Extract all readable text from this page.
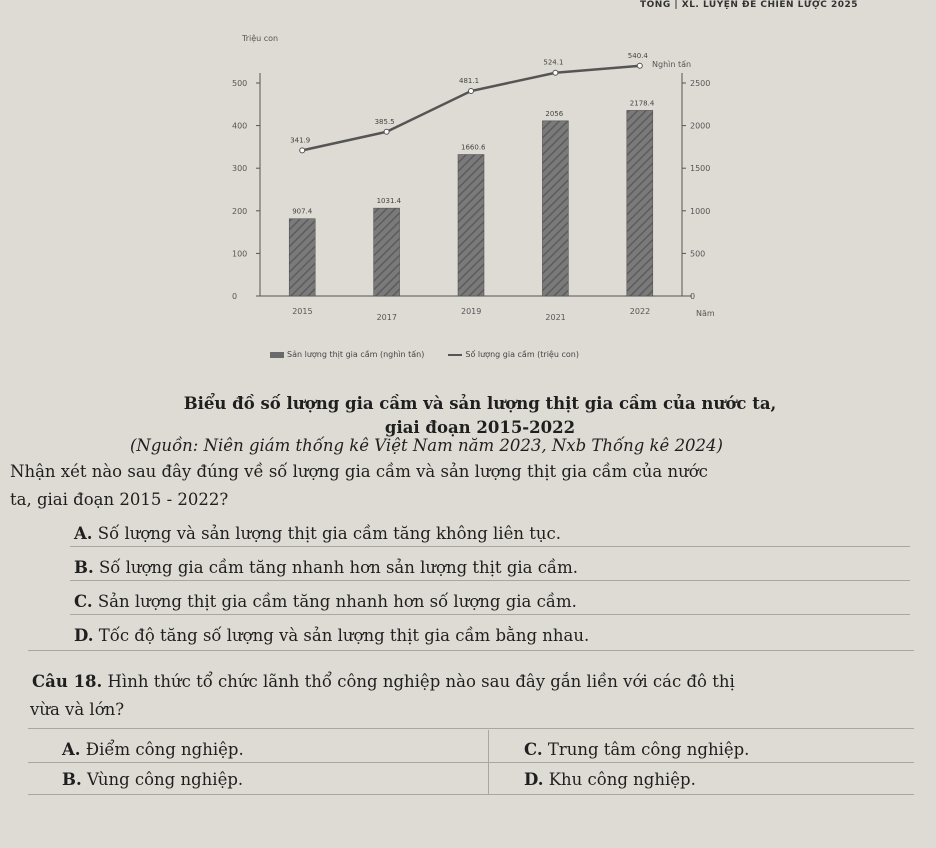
TỔNG | XL. LUYỆN ĐỀ CHIẾN LƯỢC 2025
Triệu con
Nghìn tấn
Năm
0
100
200
300
400
500
0
500
1000
1500
2000
2500
907.4
1031.4
1660.6
2056
2178.4
341.9
385.5
481.1
524.1
540.4
2015
2017
2019
2021
2022
Sản lượng thịt gia cầm (nghìn tấn)	Số lượng gia cầm (triệu con)
Biểu đồ số lượng gia cầm và sản lượng thịt gia cầm của nước ta,
giai đoạn 2015-2022
(Nguồn: Niên giám thống kê Việt Nam năm 2023, Nxb Thống kê 2024)
Nhận xét nào sau đây đúng về số lượng gia cầm và sản lượng thịt gia cầm của nước
ta, giai đoạn 2015 - 2022?
A. Số lượng và sản lượng thịt gia cầm tăng không liên tục.
B. Số lượng gia cầm tăng nhanh hơn sản lượng thịt gia cầm.
C. Sản lượng thịt gia cầm tăng nhanh hơn số lượng gia cầm.
D. Tốc độ tăng số lượng và sản lượng thịt gia cầm bằng nhau.
Câu 18. Hình thức tổ chức lãnh thổ công nghiệp nào sau đây gắn liền với các đô thị
vừa và lớn?
A. Điểm công nghiệp.	C. Trung tâm công nghiệp.
B. Vùng công nghiệp.	D. Khu công nghiệp.
